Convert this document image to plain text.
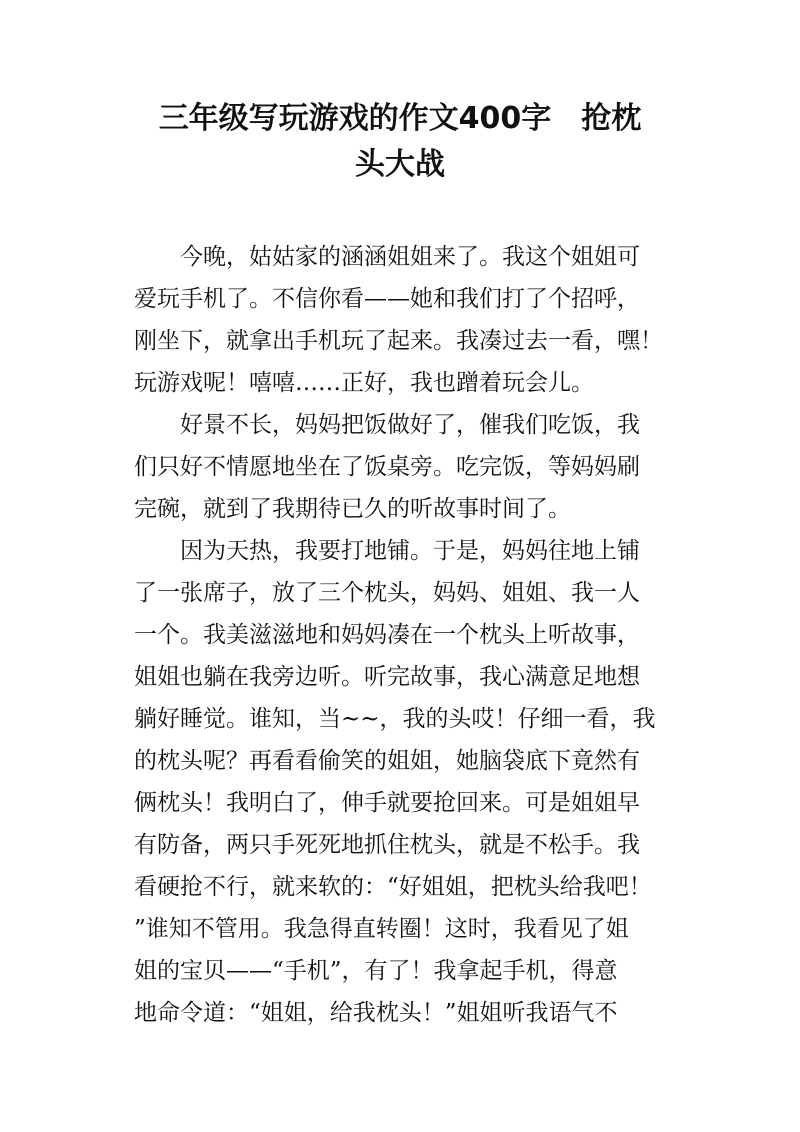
三年级写玩游戏的作文400字　抢枕
头大战
　　今晚，姑姑家的涵涵姐姐来了。我这个姐姐可
爱玩手机了。不信你看——她和我们打了个招呼，
刚坐下，就拿出手机玩了起来。我凑过去一看，嘿！
玩游戏呢！嘻嘻……正好，我也蹭着玩会儿。
　　好景不长，妈妈把饭做好了，催我们吃饭，我
们只好不情愿地坐在了饭桌旁。吃完饭，等妈妈刷
完碗，就到了我期待已久的听故事时间了。
　　因为天热，我要打地铺。于是，妈妈往地上铺
了一张席子，放了三个枕头，妈妈、姐姐、我一人
一个。我美滋滋地和妈妈凑在一个枕头上听故事，
姐姐也躺在我旁边听。听完故事，我心满意足地想
躺好睡觉。谁知，当~~，我的头哎！仔细一看，我
的枕头呢？再看看偷笑的姐姐，她脑袋底下竟然有
俩枕头！我明白了，伸手就要抢回来。可是姐姐早
有防备，两只手死死地抓住枕头，就是不松手。我
看硬抢不行，就来软的：“好姐姐，把枕头给我吧！
”谁知不管用。我急得直转圈！这时，我看见了姐
姐的宝贝——“手机”，有了！我拿起手机，得意
地命令道：“姐姐，给我枕头！”姐姐听我语气不
